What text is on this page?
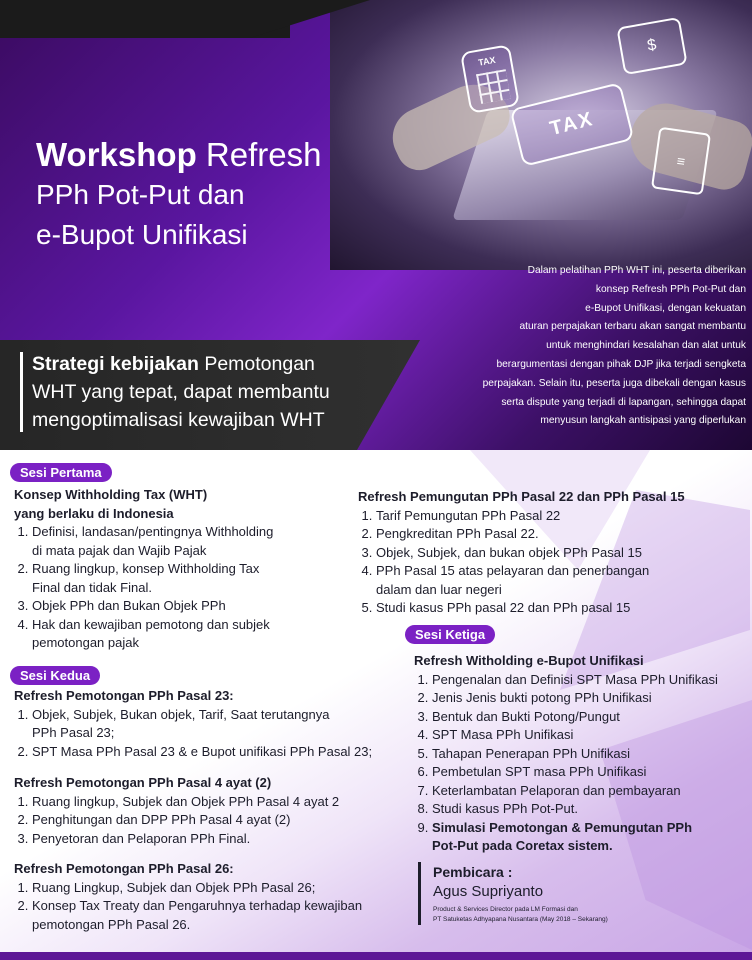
TAX
TAX
$
≡
Workshop Refresh
PPh Pot-Put dan
e-Bupot Unifikasi
Dalam pelatihan PPh WHT ini, peserta diberikan
konsep Refresh PPh Pot-Put dan
e-Bupot Unifikasi, dengan kekuatan
aturan perpajakan terbaru akan sangat membantu
untuk menghindari kesalahan dan alat untuk
berargumentasi dengan pihak DJP jika terjadi sengketa
perpajakan. Selain itu, peserta juga dibekali dengan kasus
serta dispute yang terjadi di lapangan, sehingga dapat
menyusun langkah antisipasi yang diperlukan
Strategi kebijakan Pemotongan
WHT yang tepat, dapat membantu
mengoptimalisasi kewajiban WHT
Sesi Pertama
Konsep Withholding Tax (WHT)
yang berlaku di Indonesia
1. Definisi, landasan/pentingnya Withholding
di mata pajak dan Wajib Pajak
2. Ruang lingkup, konsep Withholding Tax
Final dan tidak Final.
3. Objek PPh dan Bukan Objek PPh
4. Hak dan kewajiban pemotong dan subjek
pemotongan pajak
Sesi Kedua
Refresh Pemotongan PPh Pasal 23:
1. Objek, Subjek, Bukan objek, Tarif, Saat terutangnya
PPh Pasal 23;
2. SPT Masa PPh Pasal 23 & e Bupot unifikasi PPh Pasal 23;
Refresh Pemotongan PPh Pasal 4 ayat (2)
1. Ruang lingkup, Subjek dan Objek PPh Pasal 4 ayat 2
2. Penghitungan dan DPP PPh Pasal 4 ayat (2)
3. Penyetoran dan Pelaporan PPh Final.
Refresh Pemotongan PPh Pasal 26:
1. Ruang Lingkup, Subjek dan Objek PPh Pasal 26;
2. Konsep Tax Treaty dan Pengaruhnya terhadap kewajiban
pemotongan PPh Pasal 26.
Refresh Pemungutan PPh Pasal 22 dan PPh Pasal 15
1. Tarif Pemungutan PPh Pasal 22
2. Pengkreditan PPh Pasal 22.
3. Objek, Subjek, dan bukan objek PPh Pasal 15
4. PPh Pasal 15 atas pelayaran dan penerbangan
dalam dan luar negeri
5. Studi kasus PPh pasal 22 dan PPh pasal 15
Sesi Ketiga
Refresh Witholding e-Bupot Unifikasi
1. Pengenalan dan Definisi SPT Masa PPh Unifikasi
2. Jenis Jenis bukti potong PPh Unifikasi
3. Bentuk dan Bukti Potong/Pungut
4. SPT Masa PPh Unifikasi
5. Tahapan Penerapan PPh Unifikasi
6. Pembetulan SPT masa PPh Unifikasi
7. Keterlambatan Pelaporan dan pembayaran
8. Studi kasus PPh Pot-Put.
9. Simulasi Pemotongan & Pemungutan PPh
Pot-Put pada Coretax sistem.
Pembicara :
Agus Supriyanto
Product & Services Director pada LM Formasi dan
PT Satuketas Adhyapana Nusantara (May 2018 – Sekarang)
